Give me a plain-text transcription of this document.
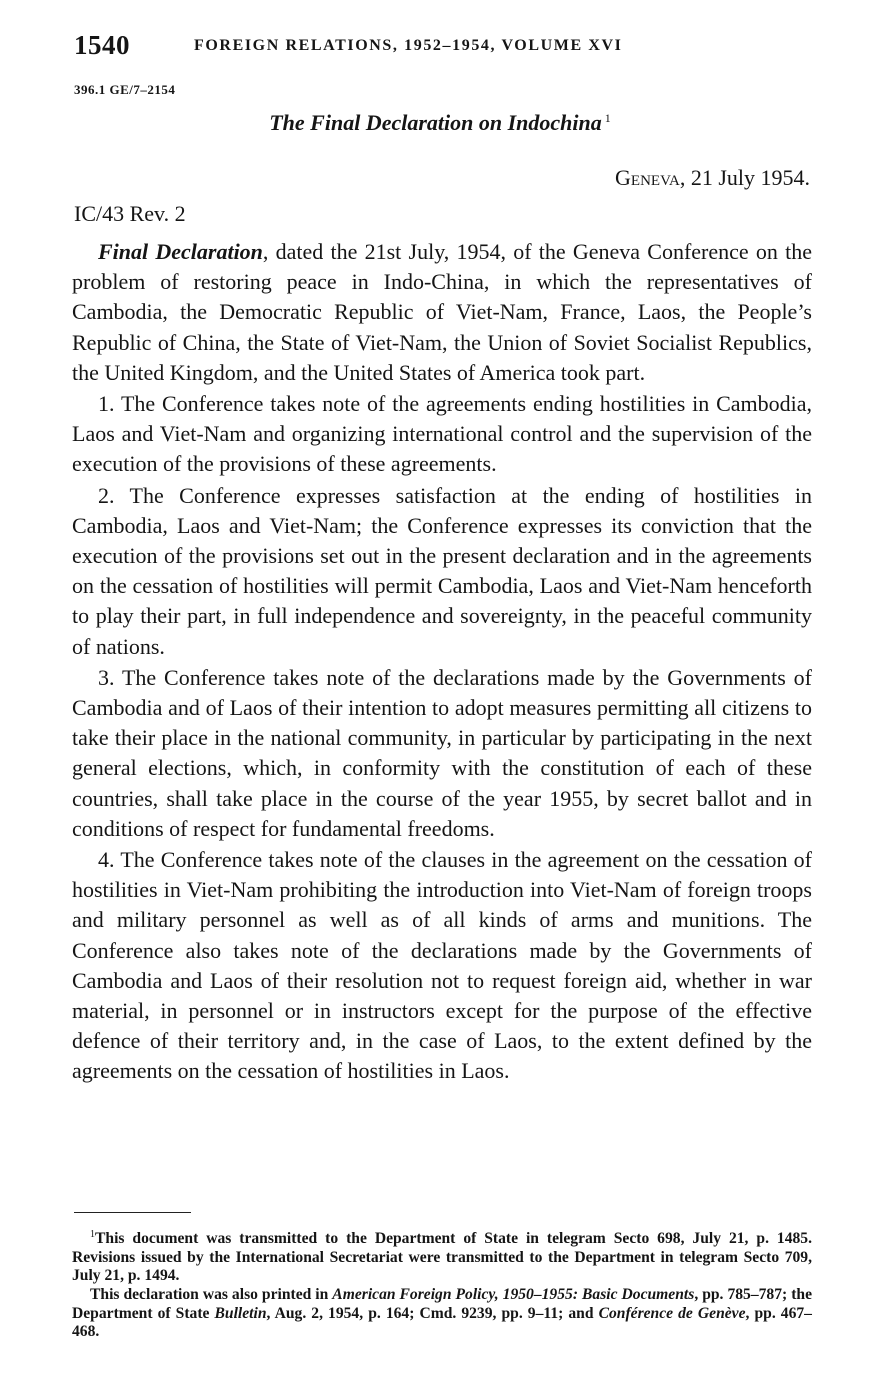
1540	FOREIGN RELATIONS, 1952–1954, VOLUME XVI
396.1 GE/7–2154
The Final Declaration on Indochina $^1$
Geneva, 21 July 1954.
IC/43 Rev. 2

Final Declaration, dated the 21st July, 1954, of the Geneva Conference on the problem of restoring peace in Indo-China, in which the representatives of Cambodia, the Democratic Republic of Viet-Nam, France, Laos, the People’s Republic of China, the State of Viet-Nam, the Union of Soviet Socialist Republics, the United Kingdom, and the United States of America took part.

1. The Conference takes note of the agreements ending hostilities in Cambodia, Laos and Viet-Nam and organizing international control and the supervision of the execution of the provisions of these agreements.

2. The Conference expresses satisfaction at the ending of hostilities in Cambodia, Laos and Viet-Nam; the Conference expresses its conviction that the execution of the provisions set out in the present declaration and in the agreements on the cessation of hostilities will permit Cambodia, Laos and Viet-Nam henceforth to play their part, in full independence and sovereignty, in the peaceful community of nations.

3. The Conference takes note of the declarations made by the Governments of Cambodia and of Laos of their intention to adopt measures permitting all citizens to take their place in the national community, in particular by participating in the next general elections, which, in conformity with the constitution of each of these countries, shall take place in the course of the year 1955, by secret ballot and in conditions of respect for fundamental freedoms.

4. The Conference takes note of the clauses in the agreement on the cessation of hostilities in Viet-Nam prohibiting the introduction into Viet-Nam of foreign troops and military personnel as well as of all kinds of arms and munitions. The Conference also takes note of the declarations made by the Governments of Cambodia and Laos of their resolution not to request foreign aid, whether in war material, in personnel or in instructors except for the purpose of the effective defence of their territory and, in the case of Laos, to the extent defined by the agreements on the cessation of hostilities in Laos.

$^1$This document was transmitted to the Department of State in telegram Secto 698, July 21, p. 1485. Revisions issued by the International Secretariat were transmitted to the Department in telegram Secto 709, July 21, p. 1494.

This declaration was also printed in American Foreign Policy, 1950–1955: Basic Documents, pp. 785–787; the Department of State Bulletin, Aug. 2, 1954, p. 164; Cmd. 9239, pp. 9–11; and Conférence de Genève, pp. 467–468.
